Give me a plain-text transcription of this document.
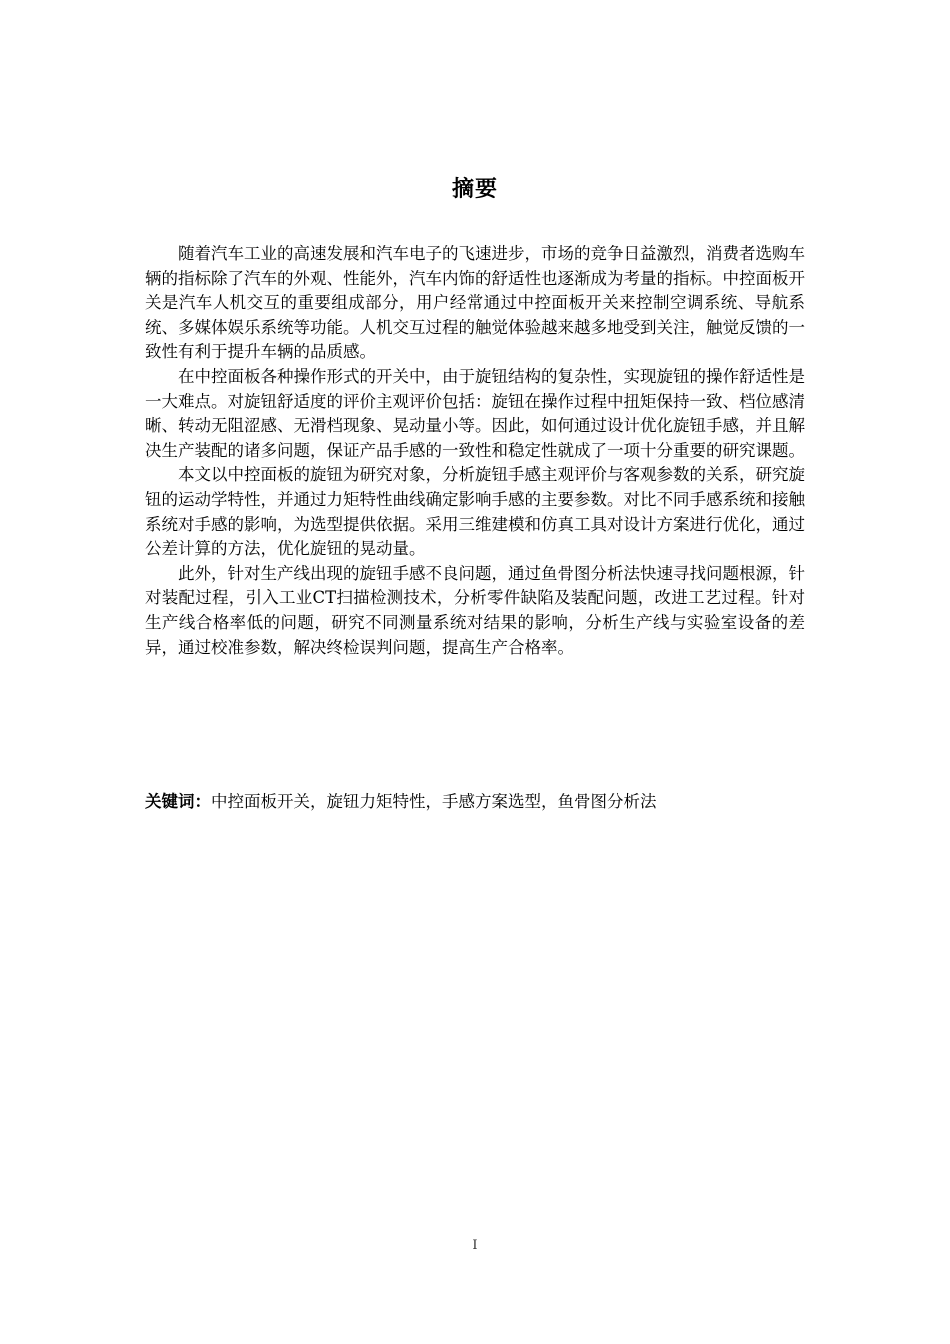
摘要

随着汽车工业的高速发展和汽车电子的飞速进步，市场的竞争日益激烈，消费者选购车辆的指标除了汽车的外观、性能外，汽车内饰的舒适性也逐渐成为考量的指标。中控面板开关是汽车人机交互的重要组成部分，用户经常通过中控面板开关来控制空调系统、导航系统、多媒体娱乐系统等功能。人机交互过程的触觉体验越来越多地受到关注，触觉反馈的一致性有利于提升车辆的品质感。

在中控面板各种操作形式的开关中，由于旋钮结构的复杂性，实现旋钮的操作舒适性是一大难点。对旋钮舒适度的评价主观评价包括：旋钮在操作过程中扭矩保持一致、档位感清晰、转动无阻涩感、无滑档现象、晃动量小等。因此，如何通过设计优化旋钮手感，并且解决生产装配的诸多问题，保证产品手感的一致性和稳定性就成了一项十分重要的研究课题。

本文以中控面板的旋钮为研究对象，分析旋钮手感主观评价与客观参数的关系，研究旋钮的运动学特性，并通过力矩特性曲线确定影响手感的主要参数。对比不同手感系统和接触系统对手感的影响，为选型提供依据。采用三维建模和仿真工具对设计方案进行优化，通过公差计算的方法，优化旋钮的晃动量。

此外，针对生产线出现的旋钮手感不良问题，通过鱼骨图分析法快速寻找问题根源，针对装配过程，引入工业CT扫描检测技术，分析零件缺陷及装配问题，改进工艺过程。针对生产线合格率低的问题，研究不同测量系统对结果的影响，分析生产线与实验室设备的差异，通过校准参数，解决终检误判问题，提高生产合格率。

关键词：中控面板开关，旋钮力矩特性，手感方案选型，鱼骨图分析法
I
